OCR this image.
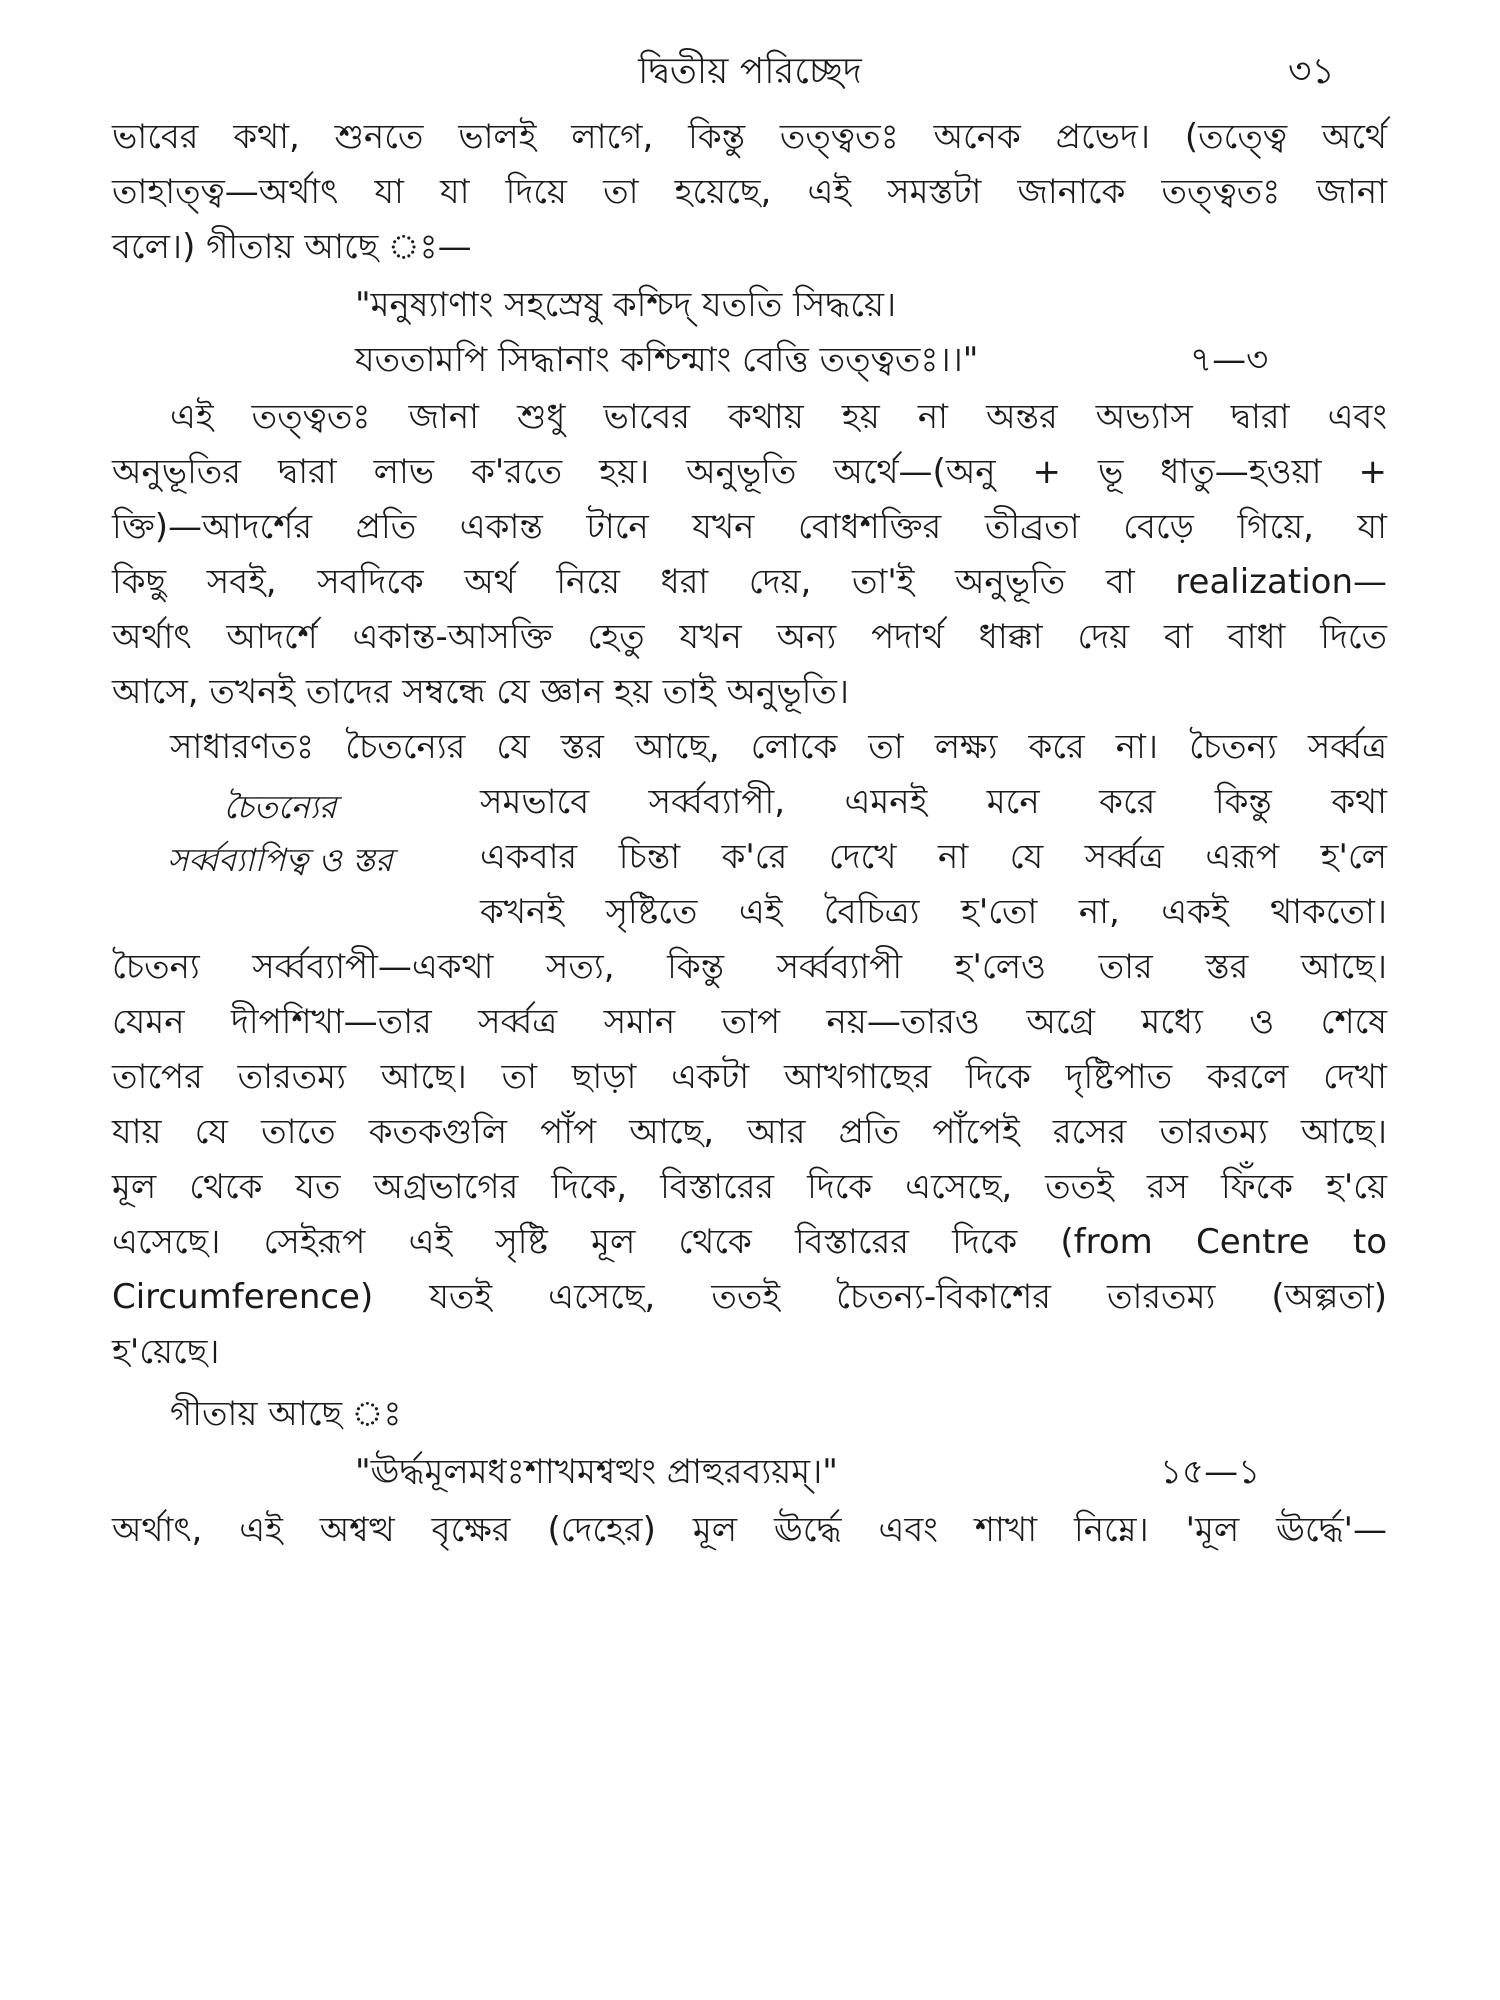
দ্বিতীয় পরিচ্ছেদ	৩১
ভাবের কথা, শুনতে ভালই লাগে, কিন্তু তত্ত্বতঃ অনেক প্রভেদ। (তত্ত্বে অর্থে
তাহাত্ত্ব—অর্থাৎ যা যা দিয়ে তা হয়েছে, এই সমস্তটা জানাকে তত্ত্বতঃ জানা
বলে।) গীতায় আছে ঃ—
"মনুষ্যাণাং সহস্রেষু কশ্চিদ্ যততি সিদ্ধয়ে।
যততামপি সিদ্ধানাং কশ্চিন্মাং বেত্তি তত্ত্বতঃ।।"	৭—৩
এই তত্ত্বতঃ জানা শুধু ভাবের কথায় হয় না অন্তর অভ্যাস দ্বারা এবং
অনুভূতির দ্বারা লাভ ক'রতে হয়। অনুভূতি অর্থে—(অনু + ভূ ধাতু—হওয়া +
ক্তি)—আদর্শের প্রতি একান্ত টানে যখন বোধশক্তির তীব্রতা বেড়ে গিয়ে, যা
কিছু সবই, সবদিকে অর্থ নিয়ে ধরা দেয়, তা'ই অনুভূতি বা realization—
অর্থাৎ আদর্শে একান্ত-আসক্তি হেতু যখন অন্য পদার্থ ধাক্কা দেয় বা বাধা দিতে
আসে, তখনই তাদের সম্বন্ধে যে জ্ঞান হয় তাই অনুভূতি।
সাধারণতঃ চৈতন্যের যে স্তর আছে, লোকে তা লক্ষ্য করে না। চৈতন্য সর্ব্বত্র
চৈতন্যের
সর্ব্বব্যাপিত্ব ও স্তর
সমভাবে সর্ব্বব্যাপী, এমনই মনে করে কিন্তু কথা
একবার চিন্তা ক'রে দেখে না যে সর্ব্বত্র এরূপ হ'লে
কখনই সৃষ্টিতে এই বৈচিত্র্য হ'তো না, একই থাকতো।
চৈতন্য সর্ব্বব্যাপী—একথা সত্য, কিন্তু সর্ব্বব্যাপী হ'লেও তার স্তর আছে।
যেমন দীপশিখা—তার সর্ব্বত্র সমান তাপ নয়—তারও অগ্রে মধ্যে ও শেষে
তাপের তারতম্য আছে। তা ছাড়া একটা আখগাছের দিকে দৃষ্টিপাত করলে দেখা
যায় যে তাতে কতকগুলি পাঁপ আছে, আর প্রতি পাঁপেই রসের তারতম্য আছে।
মূল থেকে যত অগ্রভাগের দিকে, বিস্তারের দিকে এসেছে, ততই রস ফিঁকে হ'য়ে
এসেছে। সেইরূপ এই সৃষ্টি মূল থেকে বিস্তারের দিকে (from Centre to
Circumference) যতই এসেছে, ততই চৈতন্য-বিকাশের তারতম্য (অল্পতা)
হ'য়েছে।
গীতায় আছে ঃ
"ঊর্দ্ধমূলমধঃশাখমশ্বত্থং প্রাহুরব্যয়ম্।"	১৫—১
অর্থাৎ, এই অশ্বত্থ বৃক্ষের (দেহের) মূল ঊর্দ্ধে এবং শাখা নিম্নে। 'মূল ঊর্দ্ধে'—
